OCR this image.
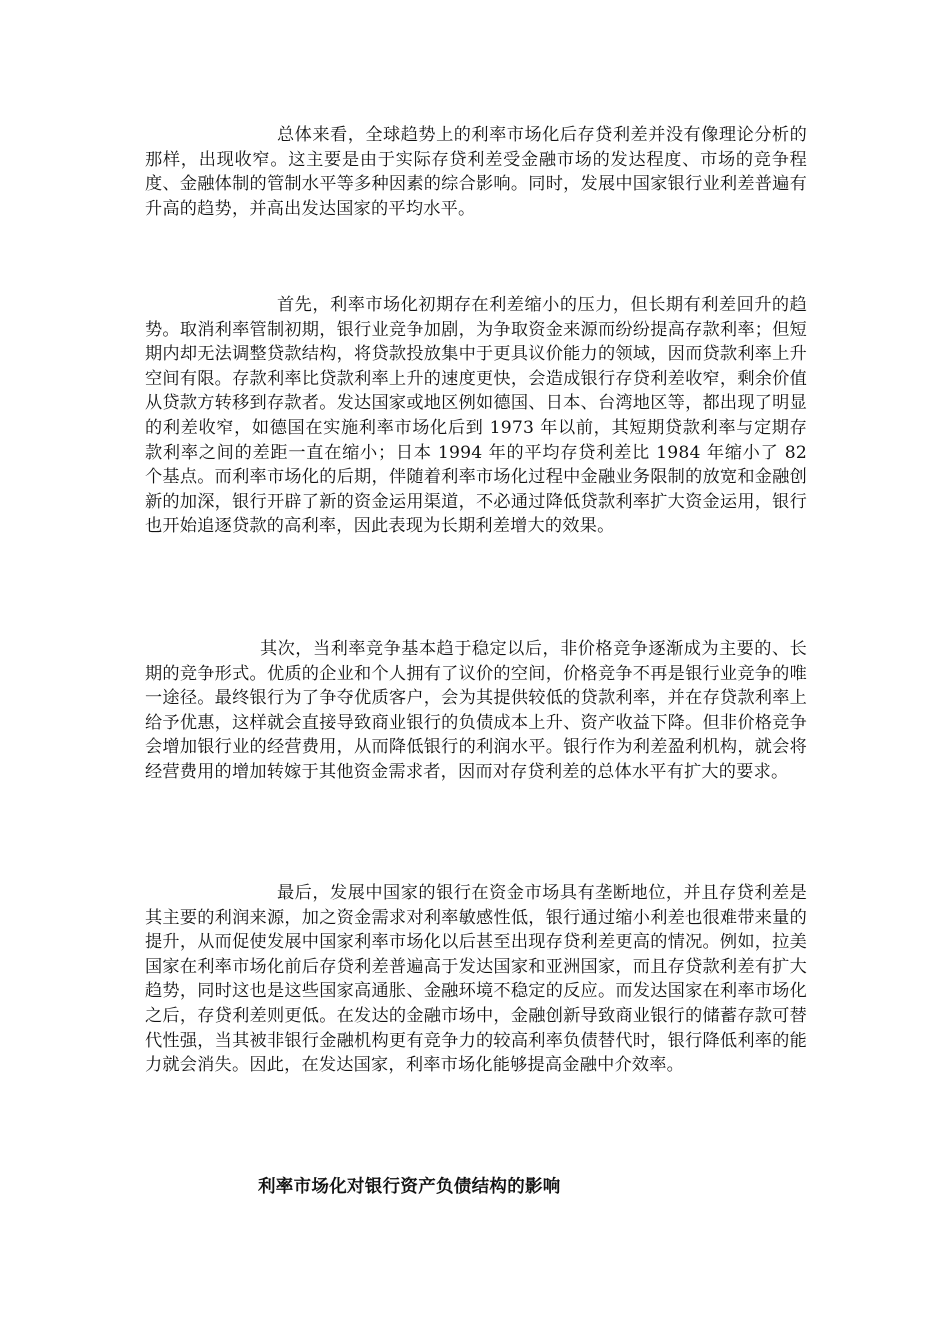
总体来看，全球趋势上的利率市场化后存贷利差并没有像理论分析的那样，出现收窄。这主要是由于实际存贷利差受金融市场的发达程度、市场的竞争程度、金融体制的管制水平等多种因素的综合影响。同时，发展中国家银行业利差普遍有升高的趋势，并高出发达国家的平均水平。

首先，利率市场化初期存在利差缩小的压力，但长期有利差回升的趋势。取消利率管制初期，银行业竞争加剧，为争取资金来源而纷纷提高存款利率；但短期内却无法调整贷款结构，将贷款投放集中于更具议价能力的领域，因而贷款利率上升空间有限。存款利率比贷款利率上升的速度更快，会造成银行存贷利差收窄，剩余价值从贷款方转移到存款者。发达国家或地区例如德国、日本、台湾地区等，都出现了明显的利差收窄，如德国在实施利率市场化后到 1973 年以前，其短期贷款利率与定期存款利率之间的差距一直在缩小；日本 1994 年的平均存贷利差比 1984 年缩小了 82 个基点。而利率市场化的后期，伴随着利率市场化过程中金融业务限制的放宽和金融创新的加深，银行开辟了新的资金运用渠道，不必通过降低贷款利率扩大资金运用，银行也开始追逐贷款的高利率，因此表现为长期利差增大的效果。

其次，当利率竞争基本趋于稳定以后，非价格竞争逐渐成为主要的、长期的竞争形式。优质的企业和个人拥有了议价的空间，价格竞争不再是银行业竞争的唯一途径。最终银行为了争夺优质客户，会为其提供较低的贷款利率，并在存贷款利率上给予优惠，这样就会直接导致商业银行的负债成本上升、资产收益下降。但非价格竞争会增加银行业的经营费用，从而降低银行的利润水平。银行作为利差盈利机构，就会将经营费用的增加转嫁于其他资金需求者，因而对存贷利差的总体水平有扩大的要求。

最后，发展中国家的银行在资金市场具有垄断地位，并且存贷利差是其主要的利润来源，加之资金需求对利率敏感性低，银行通过缩小利差也很难带来量的提升，从而促使发展中国家利率市场化以后甚至出现存贷利差更高的情况。例如，拉美国家在利率市场化前后存贷利差普遍高于发达国家和亚洲国家，而且存贷款利差有扩大趋势，同时这也是这些国家高通胀、金融环境不稳定的反应。而发达国家在利率市场化之后，存贷利差则更低。在发达的金融市场中，金融创新导致商业银行的储蓄存款可替代性强，当其被非银行金融机构更有竞争力的较高利率负债替代时，银行降低利率的能力就会消失。因此，在发达国家，利率市场化能够提高金融中介效率。

利率市场化对银行资产负债结构的影响
